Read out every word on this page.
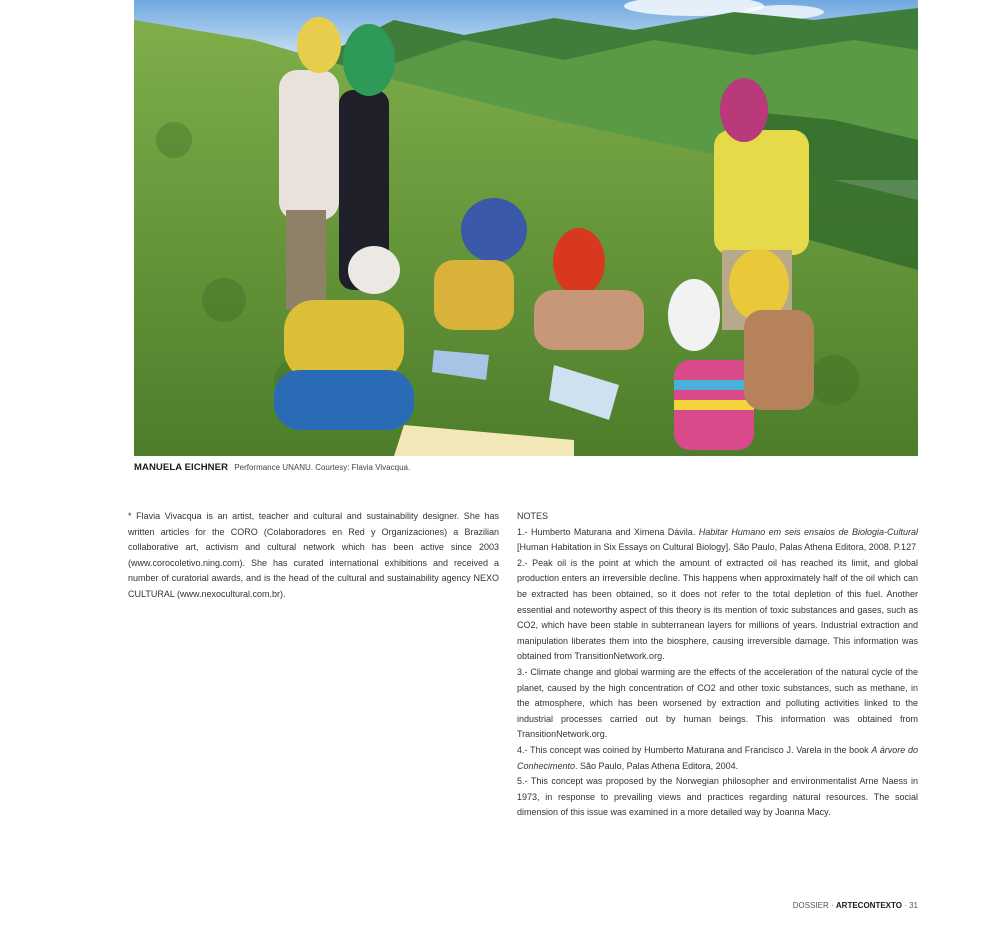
MANUELA EICHNER Performance UNANU. Courtesy: Flavia Vivacqua.

* Flavia Vivacqua is an artist, teacher and cultural and sustainability designer. She has written articles for the CORO (Colaboradores en Red y Organizaciones) a Brazilian collaborative art, activism and cultural network which has been active since 2003 (www.corocoletivo.ning.com). She has curated international exhibitions and received a number of curatorial awards, and is the head of the cultural and sustainability agency NEXO CULTURAL (www.nexocultural.com.br).

NOTES

1.- Humberto Maturana and Ximena Dávila. Habitar Humano em seis ensaios de Biologia-Cultural [Human Habitation in Six Essays on Cultural Biology]. São Paulo, Palas Athena Editora, 2008. P.127

2.- Peak oil is the point at which the amount of extracted oil has reached its limit, and global production enters an irreversible decline. This happens when approximately half of the oil which can be extracted has been obtained, so it does not refer to the total depletion of this fuel. Another essential and noteworthy aspect of this theory is its mention of toxic substances and gases, such as CO2, which have been stable in subterranean layers for millions of years. Industrial extraction and manipulation liberates them into the biosphere, causing irreversible damage. This information was obtained from TransitionNetwork.org.

3.- Climate change and global warming are the effects of the acceleration of the natural cycle of the planet, caused by the high concentration of CO2 and other toxic substances, such as methane, in the atmosphere, which has been worsened by extraction and polluting activities linked to the industrial processes carried out by human beings. This information was obtained from TransitionNetwork.org.

4.- This concept was coined by Humberto Maturana and Francisco J. Varela in the book A árvore do Conhecimento. São Paulo, Palas Athena Editora, 2004.

5.- This concept was proposed by the Norwegian philosopher and environmentalist Arne Naess in 1973, in response to prevailing views and practices regarding natural resources. The social dimension of this issue was examined in a more detailed way by Joanna Macy.

DOSSIER · ARTECONTEXTO · 31
